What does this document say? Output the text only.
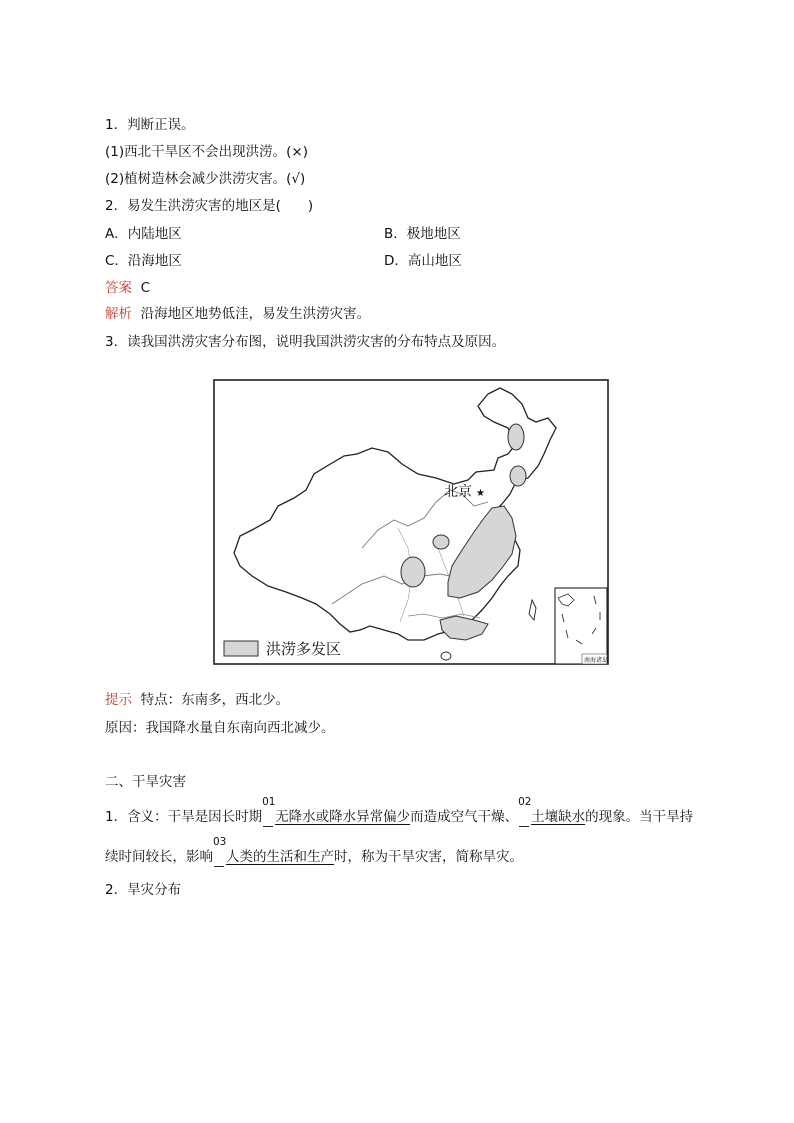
1．判断正误。
(1)西北干旱区不会出现洪涝。(×)
(2)植树造林会减少洪涝灾害。(√)
2．易发生洪涝灾害的地区是(　　)
A．内陆地区	B．极地地区
C．沿海地区	D．高山地区
答案 C
解析 沿海地区地势低洼，易发生洪涝灾害。
3．读我国洪涝灾害分布图，说明我国洪涝灾害的分布特点及原因。
北京 ★
洪涝多发区
南海诸岛
提示 特点：东南多，西北少。
原因：我国降水量自东南向西北减少。
二、干旱灾害
1．含义：干旱是因长时期
01
无降水或降水异常偏少而造成空气干燥、
02
土壤缺水的现象。当干旱持
续时间较长，影响
03
人类的生活和生产时，称为干旱灾害，简称旱灾。
2．旱灾分布
